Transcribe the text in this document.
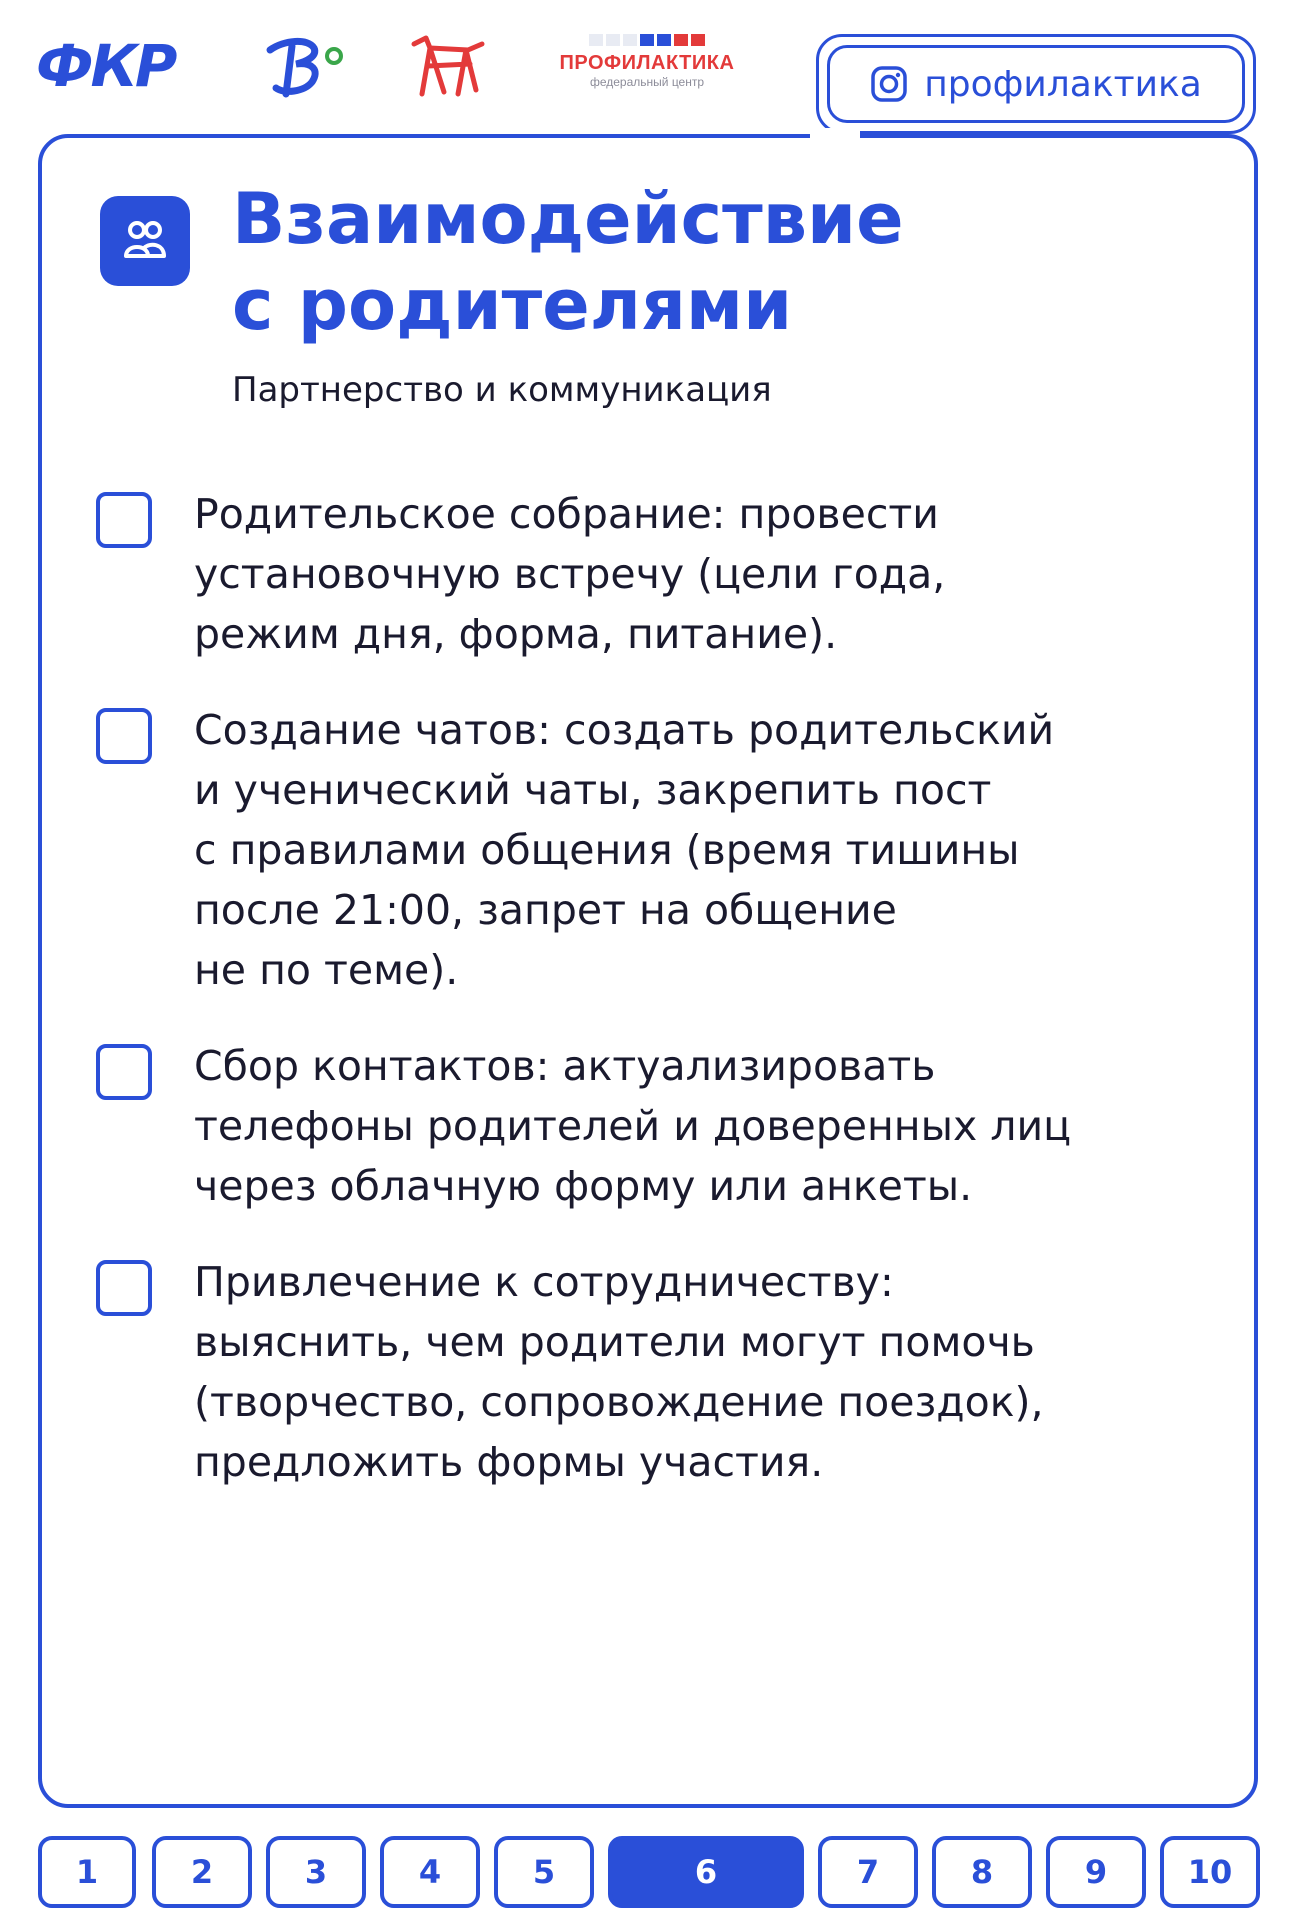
ФКР	ПРОФИЛАКТИКА
федеральный центр	профилактика
Взаимодействие
с родителями
Партнерство и коммуникация
Родительское собрание: провести
установочную встречу (цели года,
режим дня, форма, питание).
Создание чатов: создать родительский
и ученический чаты, закрепить пост
с правилами общения (время тишины
после 21:00, запрет на общение
не по теме).
Сбор контактов: актуализировать
телефоны родителей и доверенных лиц
через облачную форму или анкеты.
Привлечение к сотрудничеству:
выяснить, чем родители могут помочь
(творчество, сопровождение поездок),
предложить формы участия.
1	2	3	4	5	6	7	8	9	10
